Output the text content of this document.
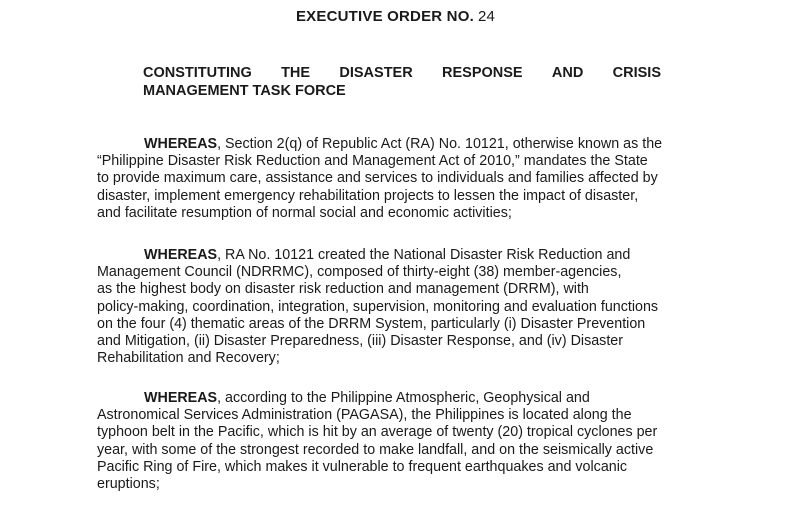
EXECUTIVE ORDER NO. 24
CONSTITUTING THE DISASTER RESPONSE AND CRISIS
MANAGEMENT TASK FORCE
WHEREAS, Section 2(q) of Republic Act (RA) No. 10121, otherwise known as the
“Philippine Disaster Risk Reduction and Management Act of 2010,” mandates the State
to provide maximum care, assistance and services to individuals and families affected by
disaster, implement emergency rehabilitation projects to lessen the impact of disaster,
and facilitate resumption of normal social and economic activities;
WHEREAS, RA No. 10121 created the National Disaster Risk Reduction and
Management Council (NDRRMC), composed of thirty-eight (38) member-agencies,
as the highest body on disaster risk reduction and management (DRRM), with
policy-making, coordination, integration, supervision, monitoring and evaluation functions
on the four (4) thematic areas of the DRRM System, particularly (i) Disaster Prevention
and Mitigation, (ii) Disaster Preparedness, (iii) Disaster Response, and (iv) Disaster
Rehabilitation and Recovery;
WHEREAS, according to the Philippine Atmospheric, Geophysical and
Astronomical Services Administration (PAGASA), the Philippines is located along the
typhoon belt in the Pacific, which is hit by an average of twenty (20) tropical cyclones per
year, with some of the strongest recorded to make landfall, and on the seismically active
Pacific Ring of Fire, which makes it vulnerable to frequent earthquakes and volcanic
eruptions;
